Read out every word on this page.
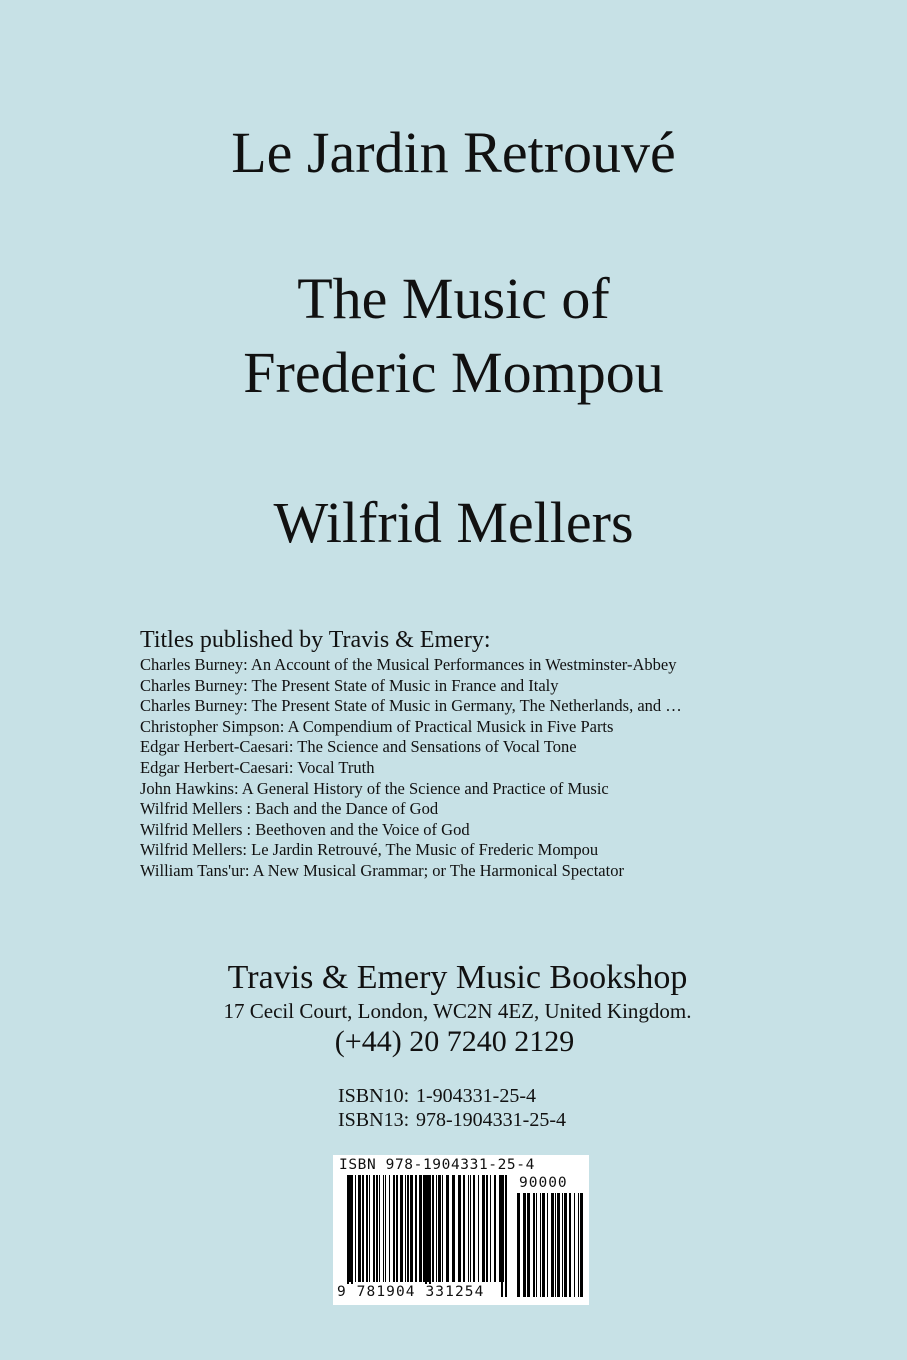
Le Jardin Retrouvé
The Music of
Frederic Mompou
Wilfrid Mellers
Titles published by Travis & Emery:
Charles Burney: An Account of the Musical Performances in Westminster-Abbey
Charles Burney: The Present State of Music in France and Italy
Charles Burney: The Present State of Music in Germany, The Netherlands, and …
Christopher Simpson: A Compendium of Practical Musick in Five Parts
Edgar Herbert-Caesari: The Science and Sensations of Vocal Tone
Edgar Herbert-Caesari: Vocal Truth
John Hawkins: A General History of the Science and Practice of Music
Wilfrid Mellers : Bach and the Dance of God
Wilfrid Mellers : Beethoven and the Voice of God
Wilfrid Mellers: Le Jardin Retrouvé, The Music of Frederic Mompou
William Tans'ur: A New Musical Grammar; or The Harmonical Spectator
Travis & Emery Music Bookshop
17 Cecil Court, London, WC2N 4EZ, United Kingdom.
(+44) 20 7240 2129
ISBN10: 1-904331-25-4
ISBN13: 978-1904331-25-4
ISBN 978-1904331-25-4
90000
9 781904 331254
